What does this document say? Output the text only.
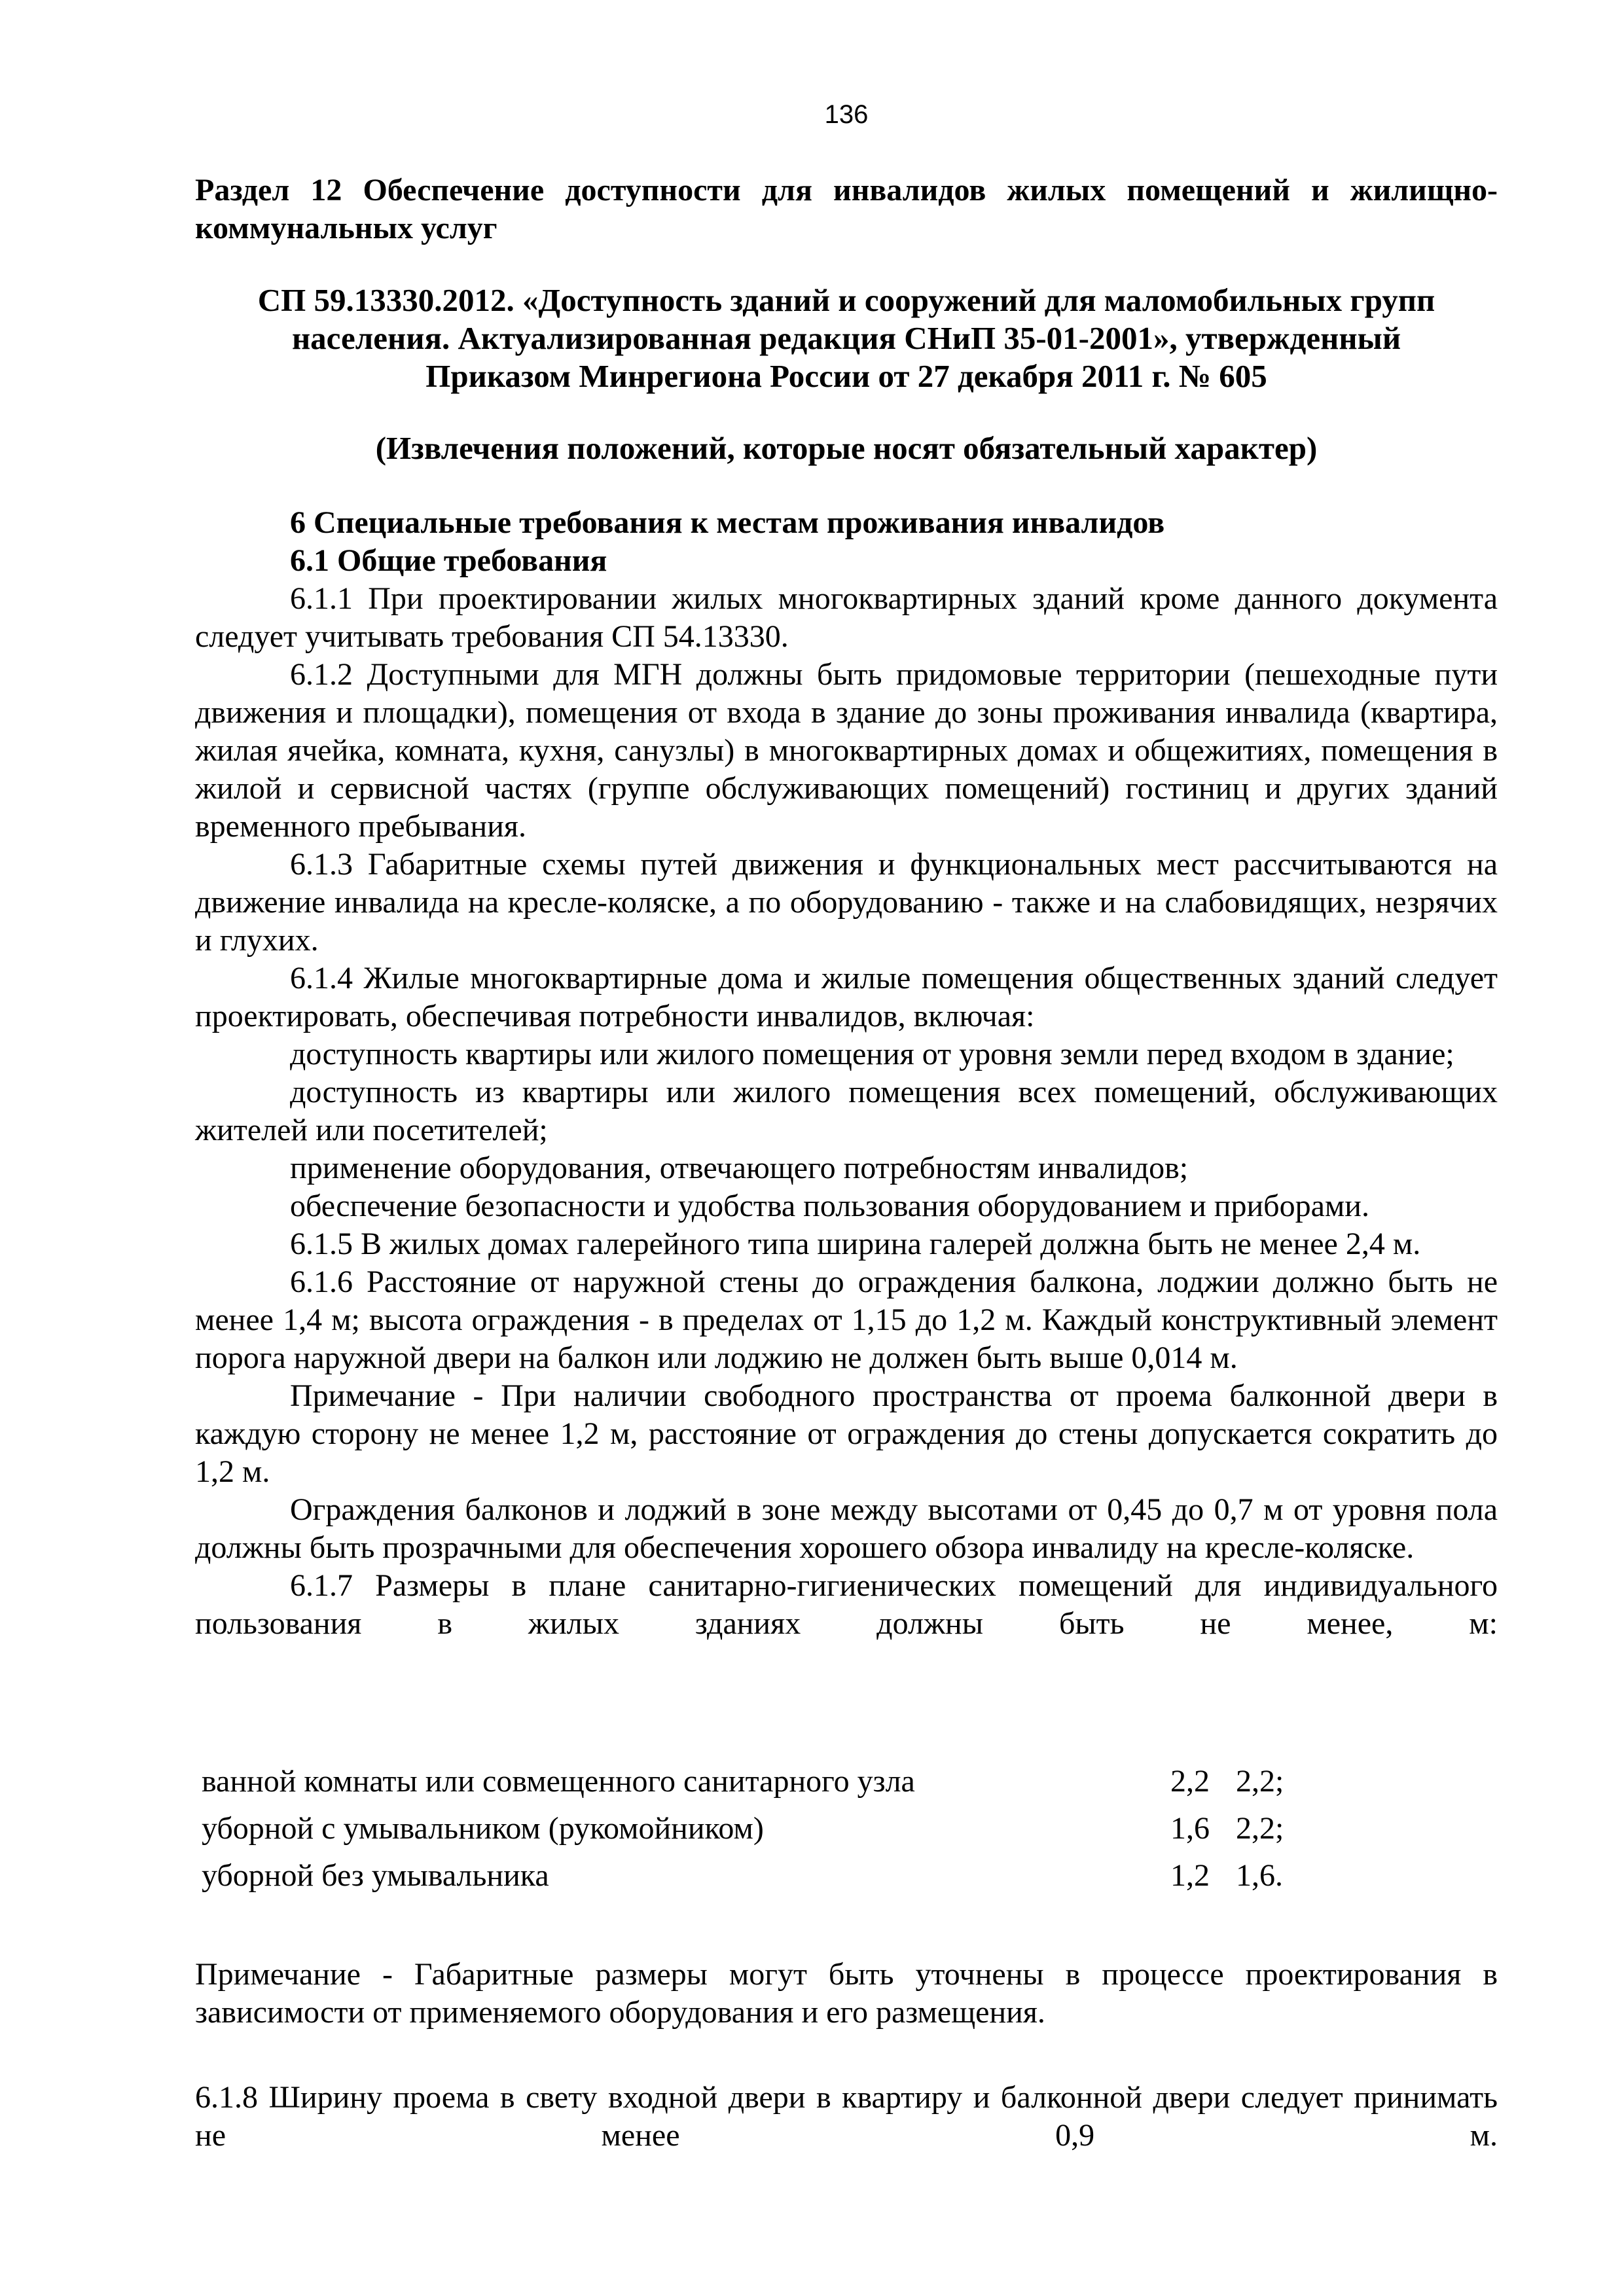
136
Раздел 12 Обеспечение доступности для инвалидов жилых помещений и жилищно-коммунальных услуг
СП 59.13330.2012. «Доступность зданий и сооружений для маломобильных групп
населения. Актуализированная редакция СНиП 35-01-2001», утвержденный
Приказом Минрегиона России от 27 декабря 2011 г. № 605
(Извлечения положений, которые носят обязательный характер)
6 Специальные требования к местам проживания инвалидов
6.1 Общие требования

6.1.1 При проектировании жилых многоквартирных зданий кроме данного документа следует учитывать требования СП 54.13330.

6.1.2 Доступными для МГН должны быть придомовые территории (пешеходные пути движения и площадки), помещения от входа в здание до зоны проживания инвалида (квартира, жилая ячейка, комната, кухня, санузлы) в многоквартирных домах и общежитиях, помещения в жилой и сервисной частях (группе обслуживающих помещений) гостиниц и других зданий временного пребывания.

6.1.3 Габаритные схемы путей движения и функциональных мест рассчитываются на движение инвалида на кресле-коляске, а по оборудованию - также и на слабовидящих, незрячих и глухих.

6.1.4 Жилые многоквартирные дома и жилые помещения общественных зданий следует проектировать, обеспечивая потребности инвалидов, включая:

доступность квартиры или жилого помещения от уровня земли перед входом в здание;

доступность из квартиры или жилого помещения всех помещений, обслуживающих жителей или посетителей;

применение оборудования, отвечающего потребностям инвалидов;

обеспечение безопасности и удобства пользования оборудованием и приборами.

6.1.5 В жилых домах галерейного типа ширина галерей должна быть не менее 2,4 м.

6.1.6 Расстояние от наружной стены до ограждения балкона, лоджии должно быть не менее 1,4 м; высота ограждения - в пределах от 1,15 до 1,2 м. Каждый конструктивный элемент порога наружной двери на балкон или лоджию не должен быть выше 0,014 м.

Примечание - При наличии свободного пространства от проема балконной двери в каждую сторону не менее 1,2 м, расстояние от ограждения до стены допускается сократить до 1,2 м.

Ограждения балконов и лоджий в зоне между высотами от 0,45 до 0,7 м от уровня пола должны быть прозрачными для обеспечения хорошего обзора инвалиду на кресле-коляске.

6.1.7 Размеры в плане санитарно-гигиенических помещений для индивидуального пользования в жилых зданиях должны быть не менее, м:

ванной комнаты или совмещенного санитарного узла	2,2 2,2;
уборной с умывальником (рукомойником)	1,6 2,2;
уборной без умывальника	1,2 1,6.
Примечание - Габаритные размеры могут быть уточнены в процессе проектирования в зависимости от применяемого оборудования и его размещения.
6.1.8 Ширину проема в свету входной двери в квартиру и балконной двери следует принимать не менее 0,9 м.
